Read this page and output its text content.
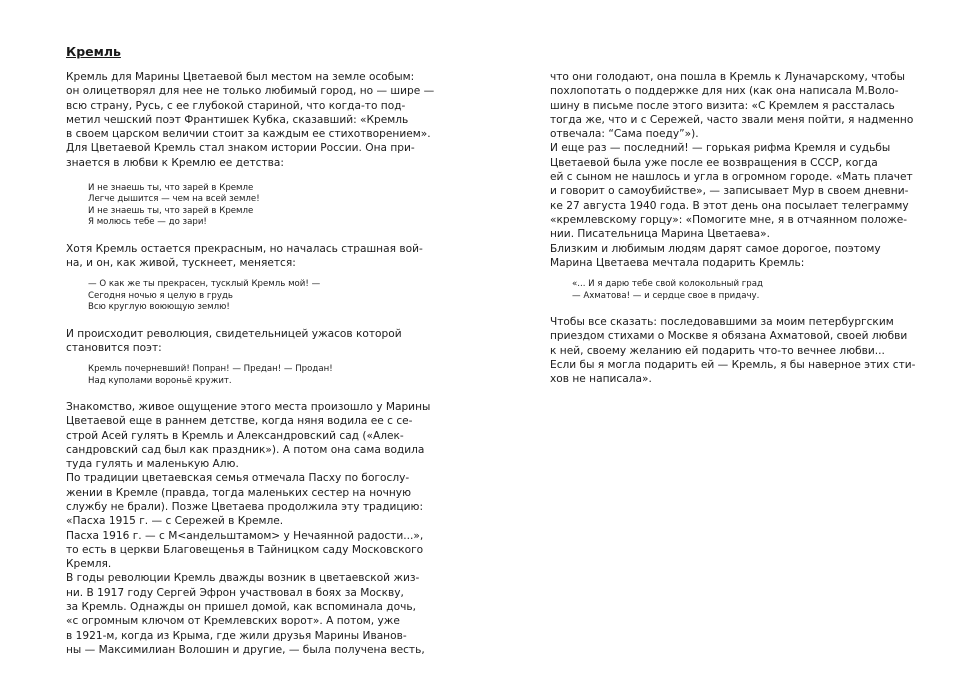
Кремль
Кремль для Марины Цветаевой был местом на земле особым:
он олицетворял для нее не только любимый город, но — шире —
всю страну, Русь, с ее глубокой стариной, что когда-то под-
метил чешский поэт Франтишек Кубка, сказавший: «Кремль
в своем царском величии стоит за каждым ее стихотворением».
Для Цветаевой Кремль стал знаком истории России. Она при-
знается в любви к Кремлю ее детства:
И не знаешь ты, что зарей в Кремле
Легче дышится — чем на всей земле!
И не знаешь ты, что зарей в Кремле
Я молюсь тебе — до зари!
Хотя Кремль остается прекрасным, но началась страшная вой-
на, и он, как живой, тускнеет, меняется:
— О как же ты прекрасен, тусклый Кремль мой! —
Сегодня ночью я целую в грудь
Всю круглую воюющую землю!
И происходит революция, свидетельницей ужасов которой
становится поэт:
Кремль почерневший! Попран! — Предан! — Продан!
Над куполами вороньё кружит.
Знакомство, живое ощущение этого места произошло у Марины
Цветаевой еще в раннем детстве, когда няня водила ее с се-
строй Асей гулять в Кремль и Александровский сад («Алек-
сандровский сад был как праздник»). А потом она сама водила
туда гулять и маленькую Алю.
По традиции цветаевская семья отмечала Пасху по богослу-
жении в Кремле (правда, тогда маленьких сестер на ночную
службу не брали). Позже Цветаева продолжила эту традицию:
«Пасха 1915 г. — с Сережей в Кремле.
Пасха 1916 г. — с М<андельштамом> у Нечаянной радости...»,
то есть в церкви Благовещенья в Тайницком саду Московского
Кремля.
В годы революции Кремль дважды возник в цветаевской жиз-
ни. В 1917 году Сергей Эфрон участвовал в боях за Москву,
за Кремль. Однажды он пришел домой, как вспоминала дочь,
«с огромным ключом от Кремлевских ворот». А потом, уже
в 1921-м, когда из Крыма, где жили друзья Марины Иванов-
ны — Максимилиан Волошин и другие, — была получена весть,
что они голодают, она пошла в Кремль к Луначарскому, чтобы
похлопотать о поддержке для них (как она написала М.Воло-
шину в письме после этого визита: «С Кремлем я рассталась
тогда же, что и с Сережей, часто звали меня пойти, я надменно
отвечала: “Сама поеду”»).
И еще раз — последний! — горькая рифма Кремля и судьбы
Цветаевой была уже после ее возвращения в СССР, когда
ей с сыном не нашлось и угла в огромном городе. «Мать плачет
и говорит о самоубийстве», — записывает Мур в своем дневни-
ке 27 августа 1940 года. В этот день она посылает телеграмму
«кремлевскому горцу»: «Помогите мне, я в отчаянном положе-
нии. Писательница Марина Цветаева».
Близким и любимым людям дарят самое дорогое, поэтому
Марина Цветаева мечтала подарить Кремль:
«... И я дарю тебе свой колокольный град
— Ахматова! — и сердце свое в придачу.
Чтобы все сказать: последовавшими за моим петербургским
приездом стихами о Москве я обязана Ахматовой, своей любви
к ней, своему желанию ей подарить что-то вечнее любви...
Если бы я могла подарить ей — Кремль, я бы наверное этих сти-
хов не написала».
